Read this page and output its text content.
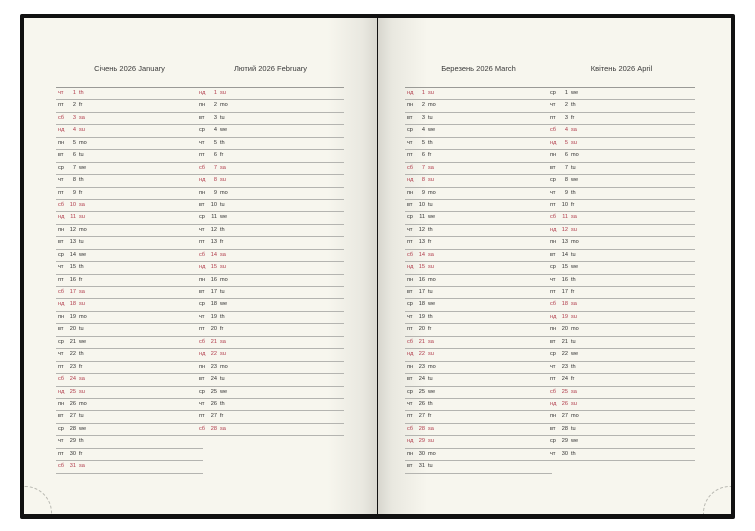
Січень 2026 January
чт 1 th
пт 2 fr
сб 3 sa
нд 4 su
пн 5 mo
вт 6 tu
ср 7 we
чт 8 th
пт 9 fr
сб 10 sa
нд 11 su
пн 12 mo
вт 13 tu
ср 14 we
чт 15 th
пт 16 fr
сб 17 sa
нд 18 su
пн 19 mo
вт 20 tu
ср 21 we
чт 22 th
пт 23 fr
сб 24 sa
нд 25 su
пн 26 mo
вт 27 tu
ср 28 we
чт 29 th
пт 30 fr
сб 31 sa
Лютий 2026 February
нд 1 su
пн 2 mo
вт 3 tu
ср 4 we
чт 5 th
пт 6 fr
сб 7 sa
нд 8 su
пн 9 mo
вт 10 tu
ср 11 we
чт 12 th
пт 13 fr
сб 14 sa
нд 15 su
пн 16 mo
вт 17 tu
ср 18 we
чт 19 th
пт 20 fr
сб 21 sa
нд 22 su
пн 23 mo
вт 24 tu
ср 25 we
чт 26 th
пт 27 fr
сб 28 sa
Березень 2026 March
нд 1 su
пн 2 mo
вт 3 tu
ср 4 we
чт 5 th
пт 6 fr
сб 7 sa
нд 8 su
пн 9 mo
вт 10 tu
ср 11 we
чт 12 th
пт 13 fr
сб 14 sa
нд 15 su
пн 16 mo
вт 17 tu
ср 18 we
чт 19 th
пт 20 fr
сб 21 sa
нд 22 su
пн 23 mo
вт 24 tu
ср 25 we
чт 26 th
пт 27 fr
сб 28 sa
нд 29 su
пн 30 mo
вт 31 tu
Квітень 2026 April
ср 1 we
чт 2 th
пт 3 fr
сб 4 sa
нд 5 su
пн 6 mo
вт 7 tu
ср 8 we
чт 9 th
пт 10 fr
сб 11 sa
нд 12 su
пн 13 mo
вт 14 tu
ср 15 we
чт 16 th
пт 17 fr
сб 18 sa
нд 19 su
пн 20 mo
вт 21 tu
ср 22 we
чт 23 th
пт 24 fr
сб 25 sa
нд 26 su
пн 27 mo
вт 28 tu
ср 29 we
чт 30 th
